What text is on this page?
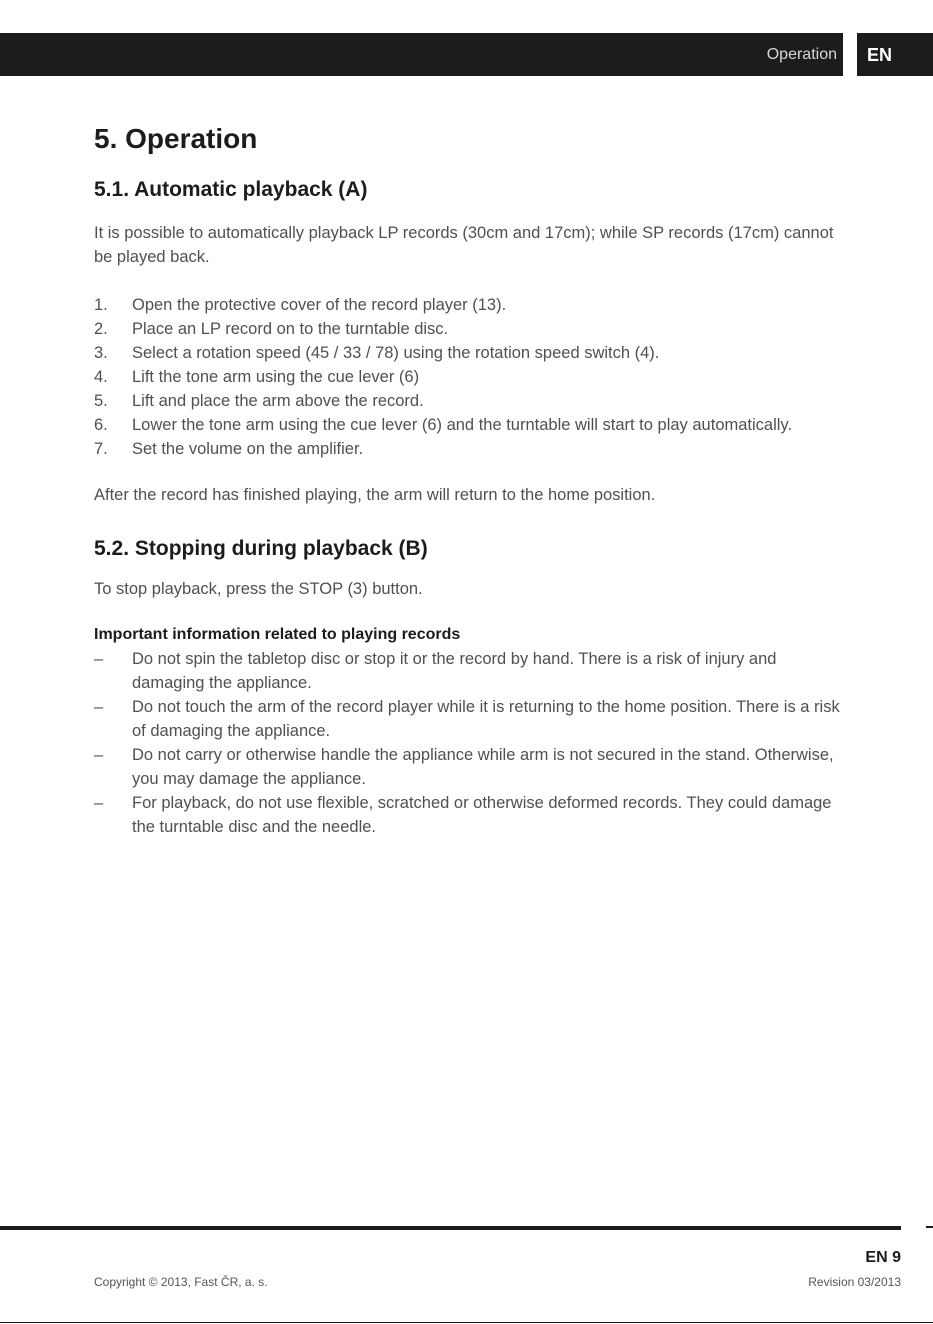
Operation	EN
5. Operation
5.1. Automatic playback (A)

It is possible to automatically playback LP records (30cm and 17cm); while SP records (17cm) cannot be played back.

1. Open the protective cover of the record player (13).
2. Place an LP record on to the turntable disc.
3. Select a rotation speed (45 / 33 / 78) using the rotation speed switch (4).
4. Lift the tone arm using the cue lever (6)
5. Lift and place the arm above the record.
6. Lower the tone arm using the cue lever (6) and the turntable will start to play automatically.
7. Set the volume on the amplifier.

After the record has finished playing, the arm will return to the home position.

5.2. Stopping during playback (B)

To stop playback, press the STOP (3) button.

Important information related to playing records
– Do not spin the tabletop disc or stop it or the record by hand. There is a risk of injury and damaging the appliance.
– Do not touch the arm of the record player while it is returning to the home position. There is a risk of damaging the appliance.
– Do not carry or otherwise handle the appliance while arm is not secured in the stand. Otherwise, you may damage the appliance.
– For playback, do not use flexible, scratched or otherwise deformed records. They could damage the turntable disc and the needle.
EN 9
Copyright © 2013, Fast ČR, a. s.	Revision 03/2013
